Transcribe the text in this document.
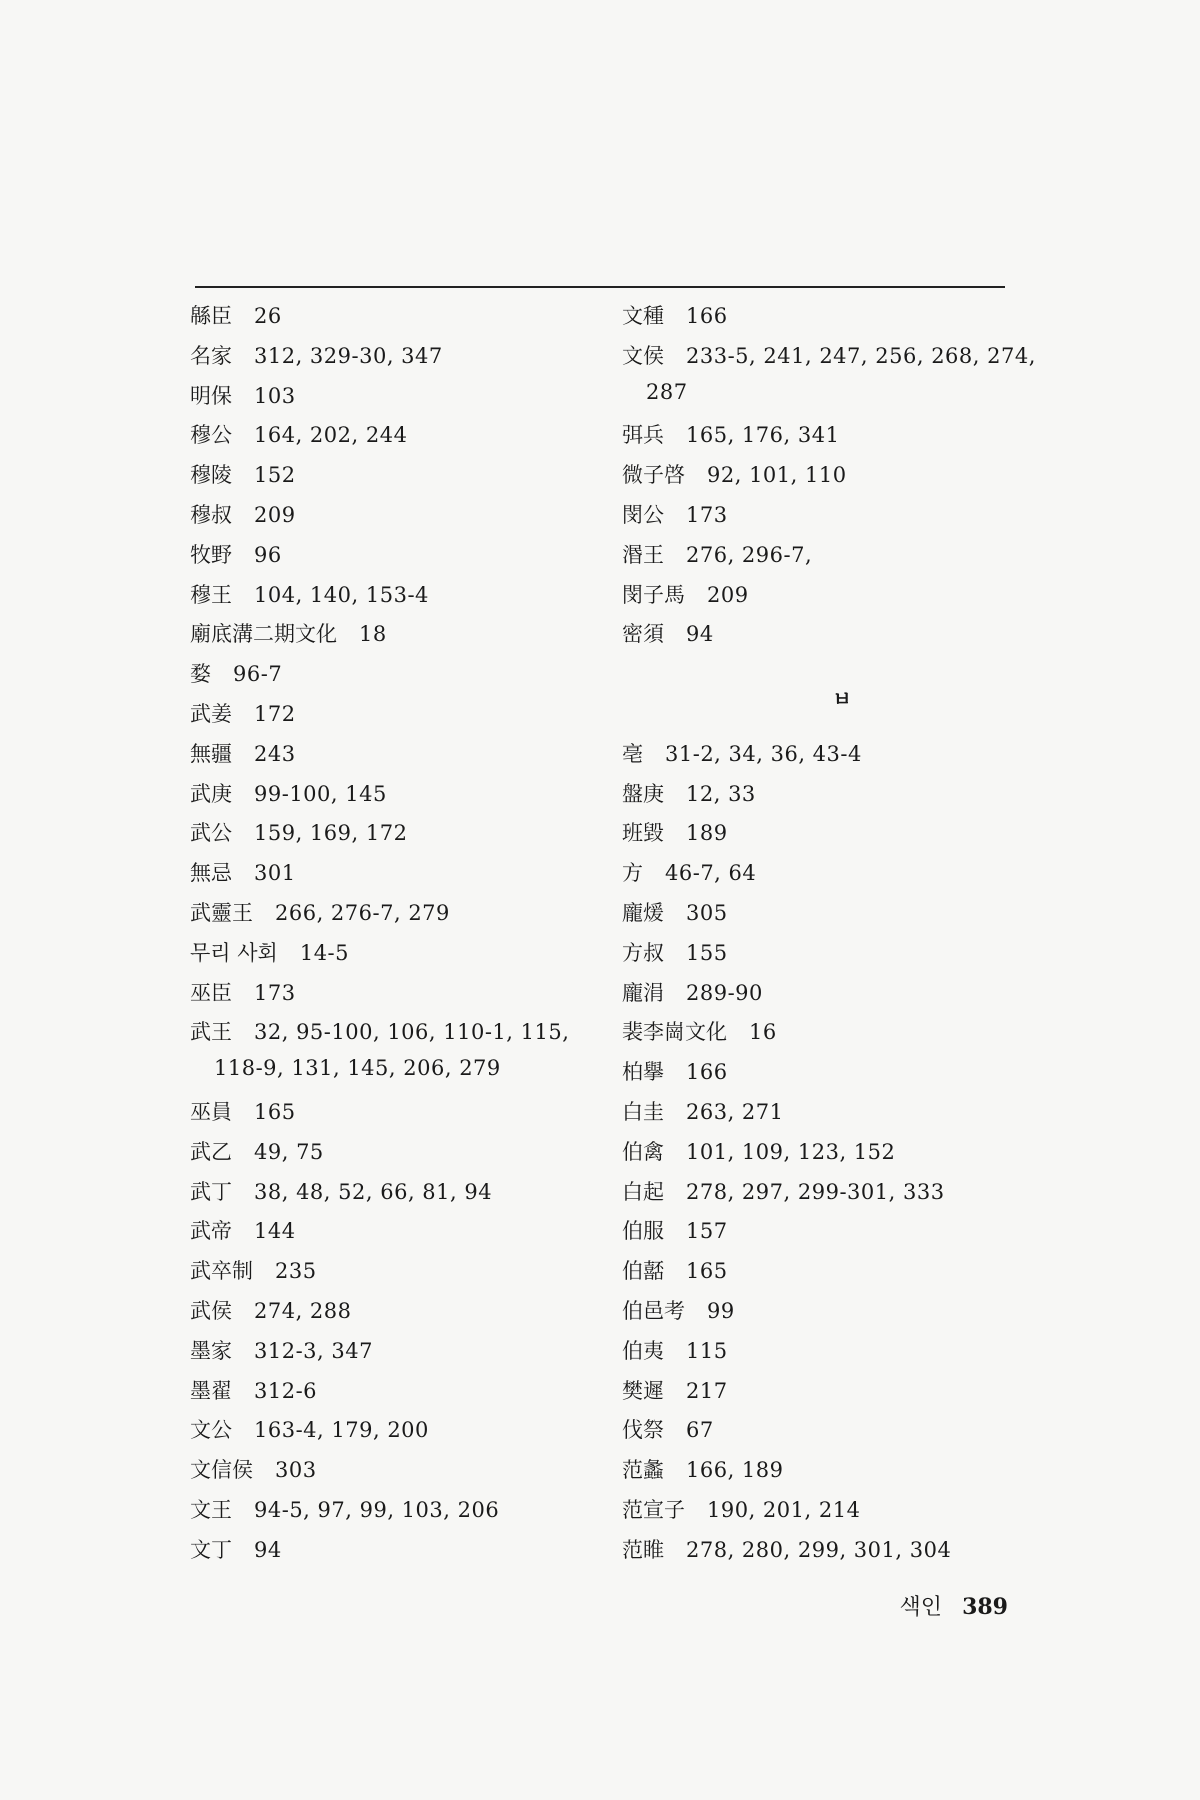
緜臣 26
名家 312, 329-30, 347
明保 103
穆公 164, 202, 244
穆陵 152
穆叔 209
牧野 96
穆王 104, 140, 153-4
廟底溝二期文化 18
婺 96-7
武姜 172
無疆 243
武庚 99-100, 145
武公 159, 169, 172
無忌 301
武靈王 266, 276-7, 279
무리 사회 14-5
巫臣 173
武王 32, 95-100, 106, 110-1, 115,
118-9, 131, 145, 206, 279
巫員 165
武乙 49, 75
武丁 38, 48, 52, 66, 81, 94
武帝 144
武卒制 235
武侯 274, 288
墨家 312-3, 347
墨翟 312-6
文公 163-4, 179, 200
文信侯 303
文王 94-5, 97, 99, 103, 206
文丁 94
文種 166
文侯 233-5, 241, 247, 256, 268, 274,
287
弭兵 165, 176, 341
微子啓 92, 101, 110
閔公 173
湣王 276, 296-7,
閔子馬 209
密須 94
ㅂ
亳 31-2, 34, 36, 43-4
盤庚 12, 33
班毀 189
方 46-7, 64
龐煖 305
方叔 155
龐涓 289-90
裴李崗文化 16
柏擧 166
白圭 263, 271
伯禽 101, 109, 123, 152
白起 278, 297, 299-301, 333
伯服 157
伯嚭 165
伯邑考 99
伯夷 115
樊遲 217
伐祭 67
范蠡 166, 189
范宣子 190, 201, 214
范睢 278, 280, 299, 301, 304
색인 389
